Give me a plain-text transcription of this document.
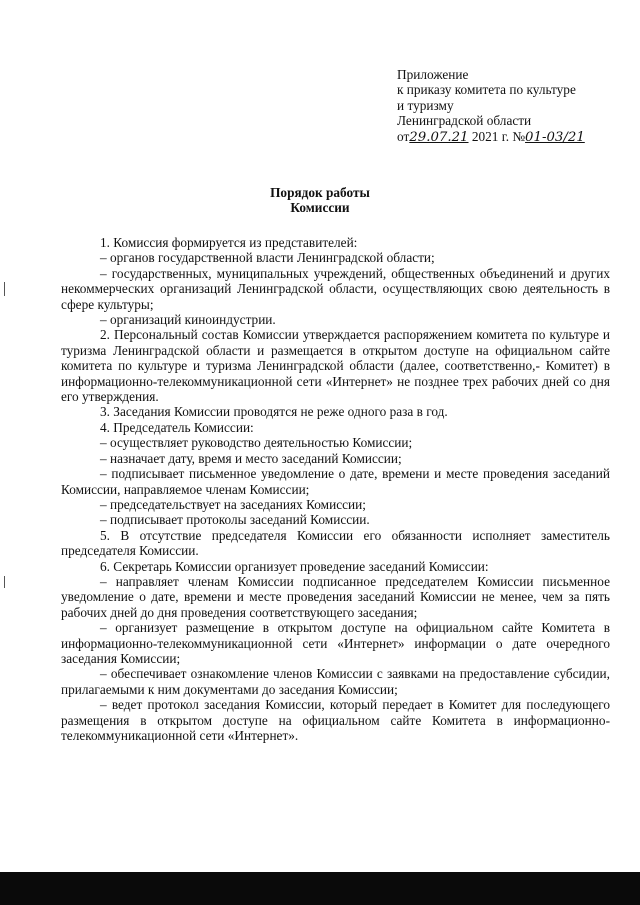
Приложение
к приказу комитета по культуре
и туризму
Ленинградской области
от29.07.21 2021 г. №01-03/21
Порядок работы
Комиссии

1. Комиссия формируется из представителей:

– органов государственной власти Ленинградской области;

– государственных, муниципальных учреждений, общественных объединений и других некоммерческих организаций Ленинградской области, осуществляющих свою деятельность в сфере культуры;

– организаций киноиндустрии.

2. Персональный состав Комиссии утверждается распоряжением комитета по культуре и туризма Ленинградской области и размещается в открытом доступе на официальном сайте комитета по культуре и туризма Ленинградской области (далее, соответственно,- Комитет) в информационно-телекоммуникационной сети «Интернет» не позднее трех рабочих дней со дня его утверждения.

3. Заседания Комиссии проводятся не реже одного раза в год.

4. Председатель Комиссии:

– осуществляет руководство деятельностью Комиссии;

– назначает дату, время и место заседаний Комиссии;

– подписывает письменное уведомление о дате, времени и месте проведения заседаний Комиссии, направляемое членам Комиссии;

– председательствует на заседаниях Комиссии;

– подписывает протоколы заседаний Комиссии.

5. В отсутствие председателя Комиссии его обязанности исполняет заместитель председателя Комиссии.

6. Секретарь Комиссии организует проведение заседаний Комиссии:

– направляет членам Комиссии подписанное председателем Комиссии письменное уведомление о дате, времени и месте проведения заседаний Комиссии не менее, чем за пять рабочих дней до дня проведения соответствующего заседания;

– организует размещение в открытом доступе на официальном сайте Комитета в информационно-телекоммуникационной сети «Интернет» информации о дате очередного заседания Комиссии;

– обеспечивает ознакомление членов Комиссии с заявками на предоставление субсидии, прилагаемыми к ним документами до заседания Комиссии;

– ведет протокол заседания Комиссии, который передает в Комитет для последующего размещения в открытом доступе на официальном сайте Комитета в информационно-телекоммуникационной сети «Интернет».
